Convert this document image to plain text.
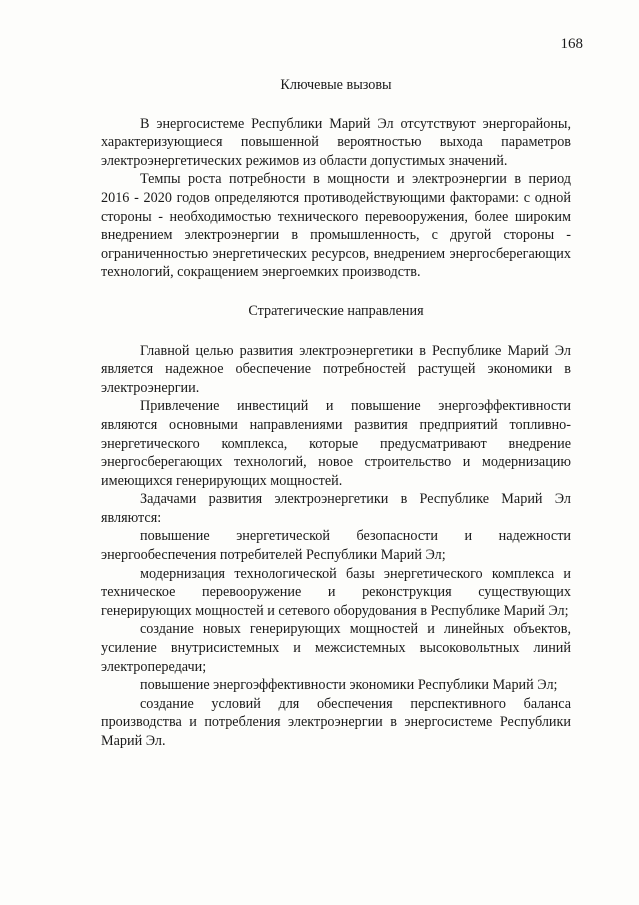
168
Ключевые вызовы

В энергосистеме Республики Марий Эл отсутствуют энергорайоны, характеризующиеся повышенной вероятностью выхода параметров электроэнергетических режимов из области допустимых значений.

Темпы роста потребности в мощности и электроэнергии в период 2016 - 2020 годов определяются противодействующими факторами: с одной стороны - необходимостью технического перевооружения, более широким внедрением электроэнергии в промышленность, с другой стороны - ограниченностью энергетических ресурсов, внедрением энергосберегающих технологий, сокращением энергоемких производств.

Стратегические направления

Главной целью развития электроэнергетики в Республике Марий Эл является надежное обеспечение потребностей растущей экономики в электроэнергии.

Привлечение инвестиций и повышение энергоэффективности являются основными направлениями развития предприятий топливно-энергетического комплекса, которые предусматривают внедрение энергосберегающих технологий, новое строительство и модернизацию имеющихся генерирующих мощностей.

Задачами развития электроэнергетики в Республике Марий Эл являются:

повышение энергетической безопасности и надежности энергообеспечения потребителей Республики Марий Эл;

модернизация технологической базы энергетического комплекса и техническое перевооружение и реконструкция существующих генерирующих мощностей и сетевого оборудования в Республике Марий Эл;

создание новых генерирующих мощностей и линейных объектов, усиление внутрисистемных и межсистемных высоковольтных линий электропередачи;

повышение энергоэффективности экономики Республики Марий Эл;

создание условий для обеспечения перспективного баланса производства и потребления электроэнергии в энергосистеме Республики Марий Эл.
